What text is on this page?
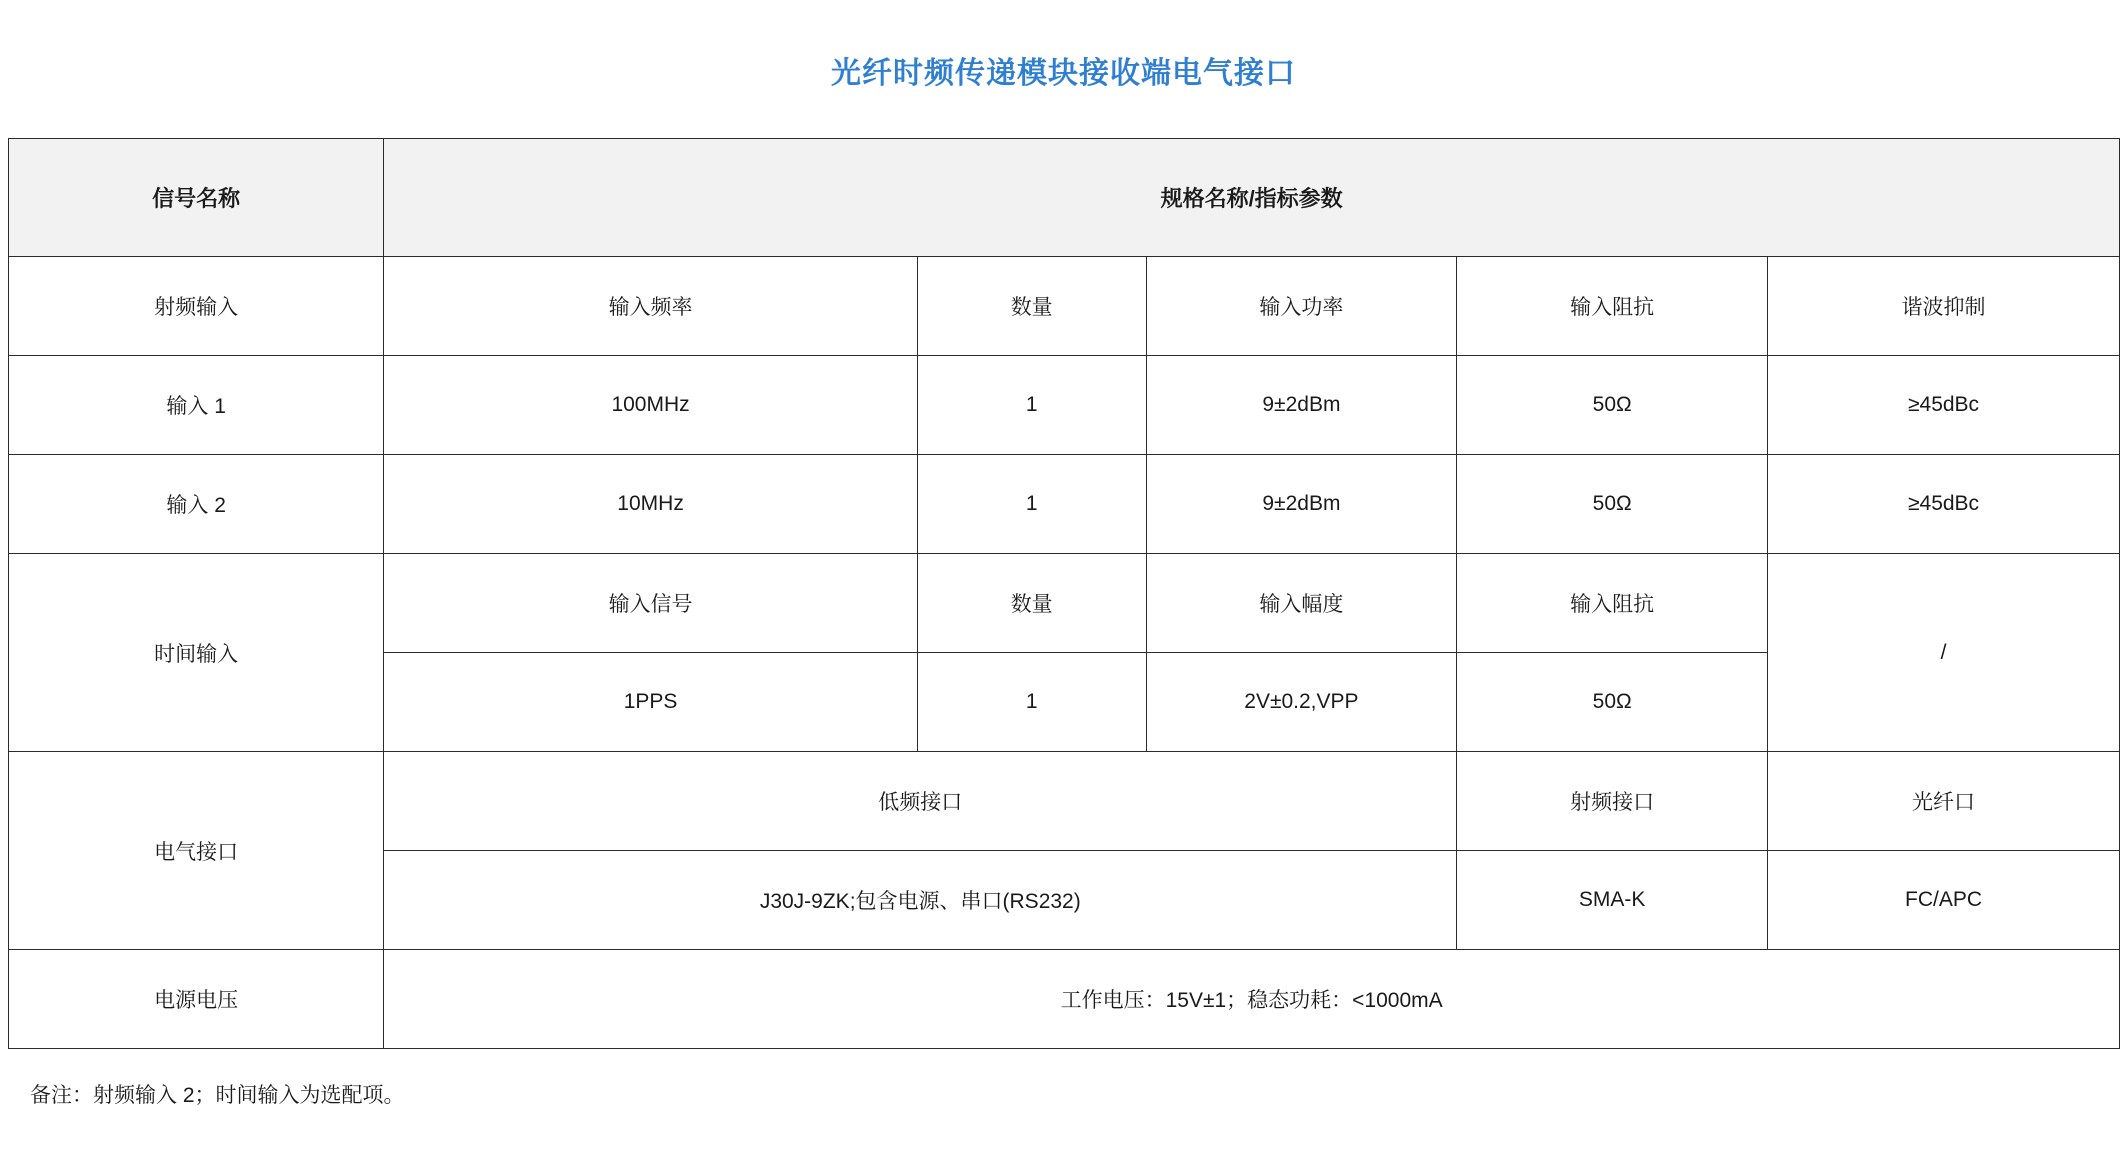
光纤时频传递模块接收端电气接口
信号名称	规格名称/指标参数				
射频输入	输入频率	数量	输入功率	输入阻抗	谐波抑制
输入 1	100MHz	1	9±2dBm	50Ω	≥45dBc
输入 2	10MHz	1	9±2dBm	50Ω	≥45dBc
时间输入	输入信号	数量	输入幅度	输入阻抗	/
	1PPS	1	2V±0.2,VPP	50Ω	
电气接口	低频接口			射频接口	光纤口
	J30J-9ZK;包含电源、串口(RS232)			SMA-K	FC/APC
电源电压	工作电压：15V±1；稳态功耗：<1000mA				
备注：射频输入 2；时间输入为选配项。
